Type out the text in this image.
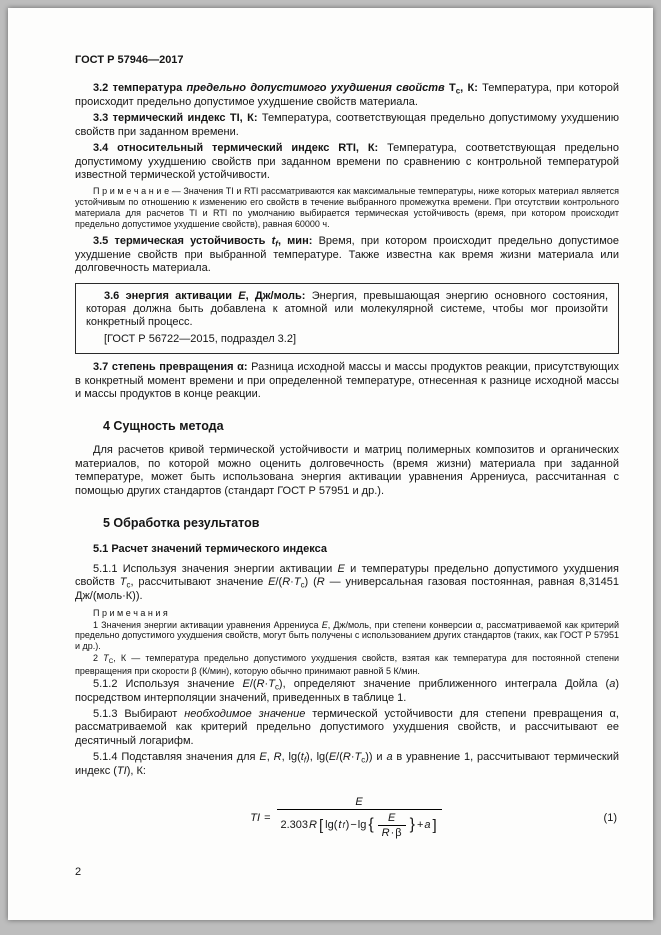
ГОСТ Р 57946—2017

3.2 температура предельно допустимого ухудшения свойств $Т_с$, К: Температура, при которой происходит предельно допустимое ухудшение свойств материала.

3.3 термический индекс TI, К: Температура, соответствующая предельно допустимому ухудшению свойств при заданном времени.

3.4 относительный термический индекс RTI, К: Температура, соответствующая предельно допустимому ухудшению свойств при заданном времени по сравнению с контрольной температурой известной термической устойчивости.

П р и м е ч а н и е — Значения TI и RTI рассматриваются как максимальные температуры, ниже которых материал является устойчивым по отношению к изменению его свойств в течение выбранного промежутка времени. При отсутствии контрольного материала для расчетов TI и RTI по умолчанию выбирается термическая устойчивость (время, при котором происходит предельно допустимое ухудшение свойств), равная 60000 ч.

3.5 термическая устойчивость $t_f$, мин: Время, при котором происходит предельно допустимое ухудшение свойств при выбранной температуре. Также известна как время жизни материала или долговечность материала.

3.6 энергия активации E, Дж/моль: Энергия, превышающая энергию основного состояния, которая должна быть добавлена к атомной или молекулярной системе, чтобы мог произойти конкретный процесс.

[ГОСТ Р 56722—2015, подраздел 3.2]

3.7 степень превращения α: Разница исходной массы и массы продуктов реакции, присутствующих в конкретный момент времени и при определенной температуре, отнесенная к разнице исходной массы и массы продуктов в конце реакции.

4 Сущность метода

Для расчетов кривой термической устойчивости и матриц полимерных композитов и органических материалов, по которой можно оценить долговечность (время жизни) материала при заданной температуре, может быть использована энергия активации уравнения Аррениуса, рассчитанная с помощью других стандартов (стандарт ГОСТ Р 57951 и др.).

5 Обработка результатов
5.1 Расчет значений термического индекса

5.1.1 Используя значения энергии активации E и температуры предельно допустимого ухудшения свойств $T_с$, рассчитывают значение $E/(R\cdot T_c)$ (R — универсальная газовая постоянная, равная 8,31451 Дж/(моль·К)).

П р и м е ч а н и я

1 Значения энергии активации уравнения Аррениуса E, Дж/моль, при степени конверсии α, рассматриваемой как критерий предельно допустимого ухудшения свойств, могут быть получены с использованием других стандартов (таких, как ГОСТ Р 57951 и др.).

2 $T_C$, К — температура предельно допустимого ухудшения свойств, взятая как температура для постоянной степени превращения при скорости β (К/мин), которую обычно принимают равной 5 К/мин.

5.1.2 Используя значение $E/(R\cdot T_c)$, определяют значение приближенного интеграла Дойла (a) посредством интерполяции значений, приведенных в таблице 1.

5.1.3 Выбирают необходимое значение термической устойчивости для степени превращения α, рассматриваемой как критерий предельно допустимого ухудшения свойств, и рассчитывают ее десятичный логарифм.

5.1.4 Подставляя значения для E, R, $\lg(t_f)$, $\lg(E/(R\cdot T_c))$ и a в уравнение 1, рассчитывают термический индекс (TI), К:

TI =
E
2.303 R [ lg( t f ) − lg { $\frac{E}{R \cdot \beta}$ } + a ]	(1)
2
